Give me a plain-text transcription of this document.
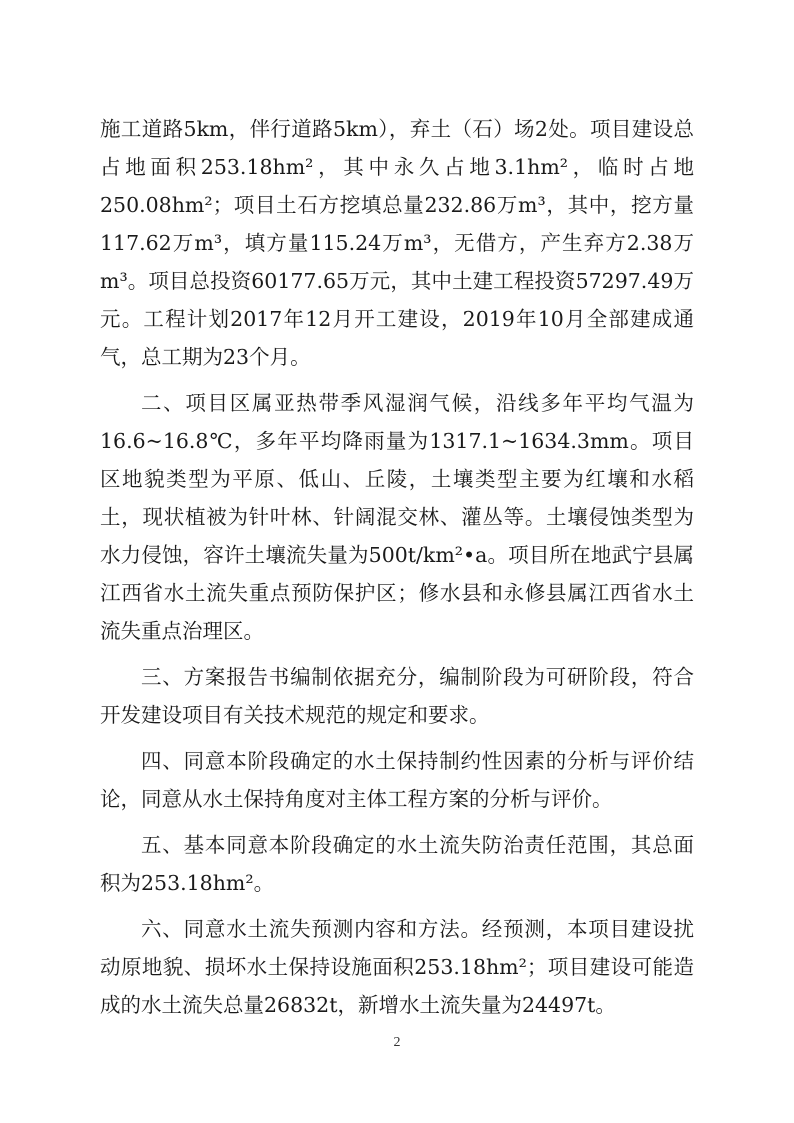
施工道路5km，伴行道路5km），弃土（石）场2处。项目建设总占地面积253.18hm²，其中永久占地3.1hm²，临时占地250.08hm²；项目土石方挖填总量232.86万m³，其中，挖方量117.62万m³，填方量115.24万m³，无借方，产生弃方2.38万m³。项目总投资60177.65万元，其中土建工程投资57297.49万元。工程计划2017年12月开工建设，2019年10月全部建成通气，总工期为23个月。

二、项目区属亚热带季风湿润气候，沿线多年平均气温为16.6~16.8℃，多年平均降雨量为1317.1~1634.3mm。项目区地貌类型为平原、低山、丘陵，土壤类型主要为红壤和水稻土，现状植被为针叶林、针阔混交林、灌丛等。土壤侵蚀类型为水力侵蚀，容许土壤流失量为500t/km²•a。项目所在地武宁县属江西省水土流失重点预防保护区；修水县和永修县属江西省水土流失重点治理区。

三、方案报告书编制依据充分，编制阶段为可研阶段，符合开发建设项目有关技术规范的规定和要求。

四、同意本阶段确定的水土保持制约性因素的分析与评价结论，同意从水土保持角度对主体工程方案的分析与评价。

五、基本同意本阶段确定的水土流失防治责任范围，其总面积为253.18hm²。

六、同意水土流失预测内容和方法。经预测，本项目建设扰动原地貌、损坏水土保持设施面积253.18hm²；项目建设可能造成的水土流失总量26832t，新增水土流失量为24497t。

2
